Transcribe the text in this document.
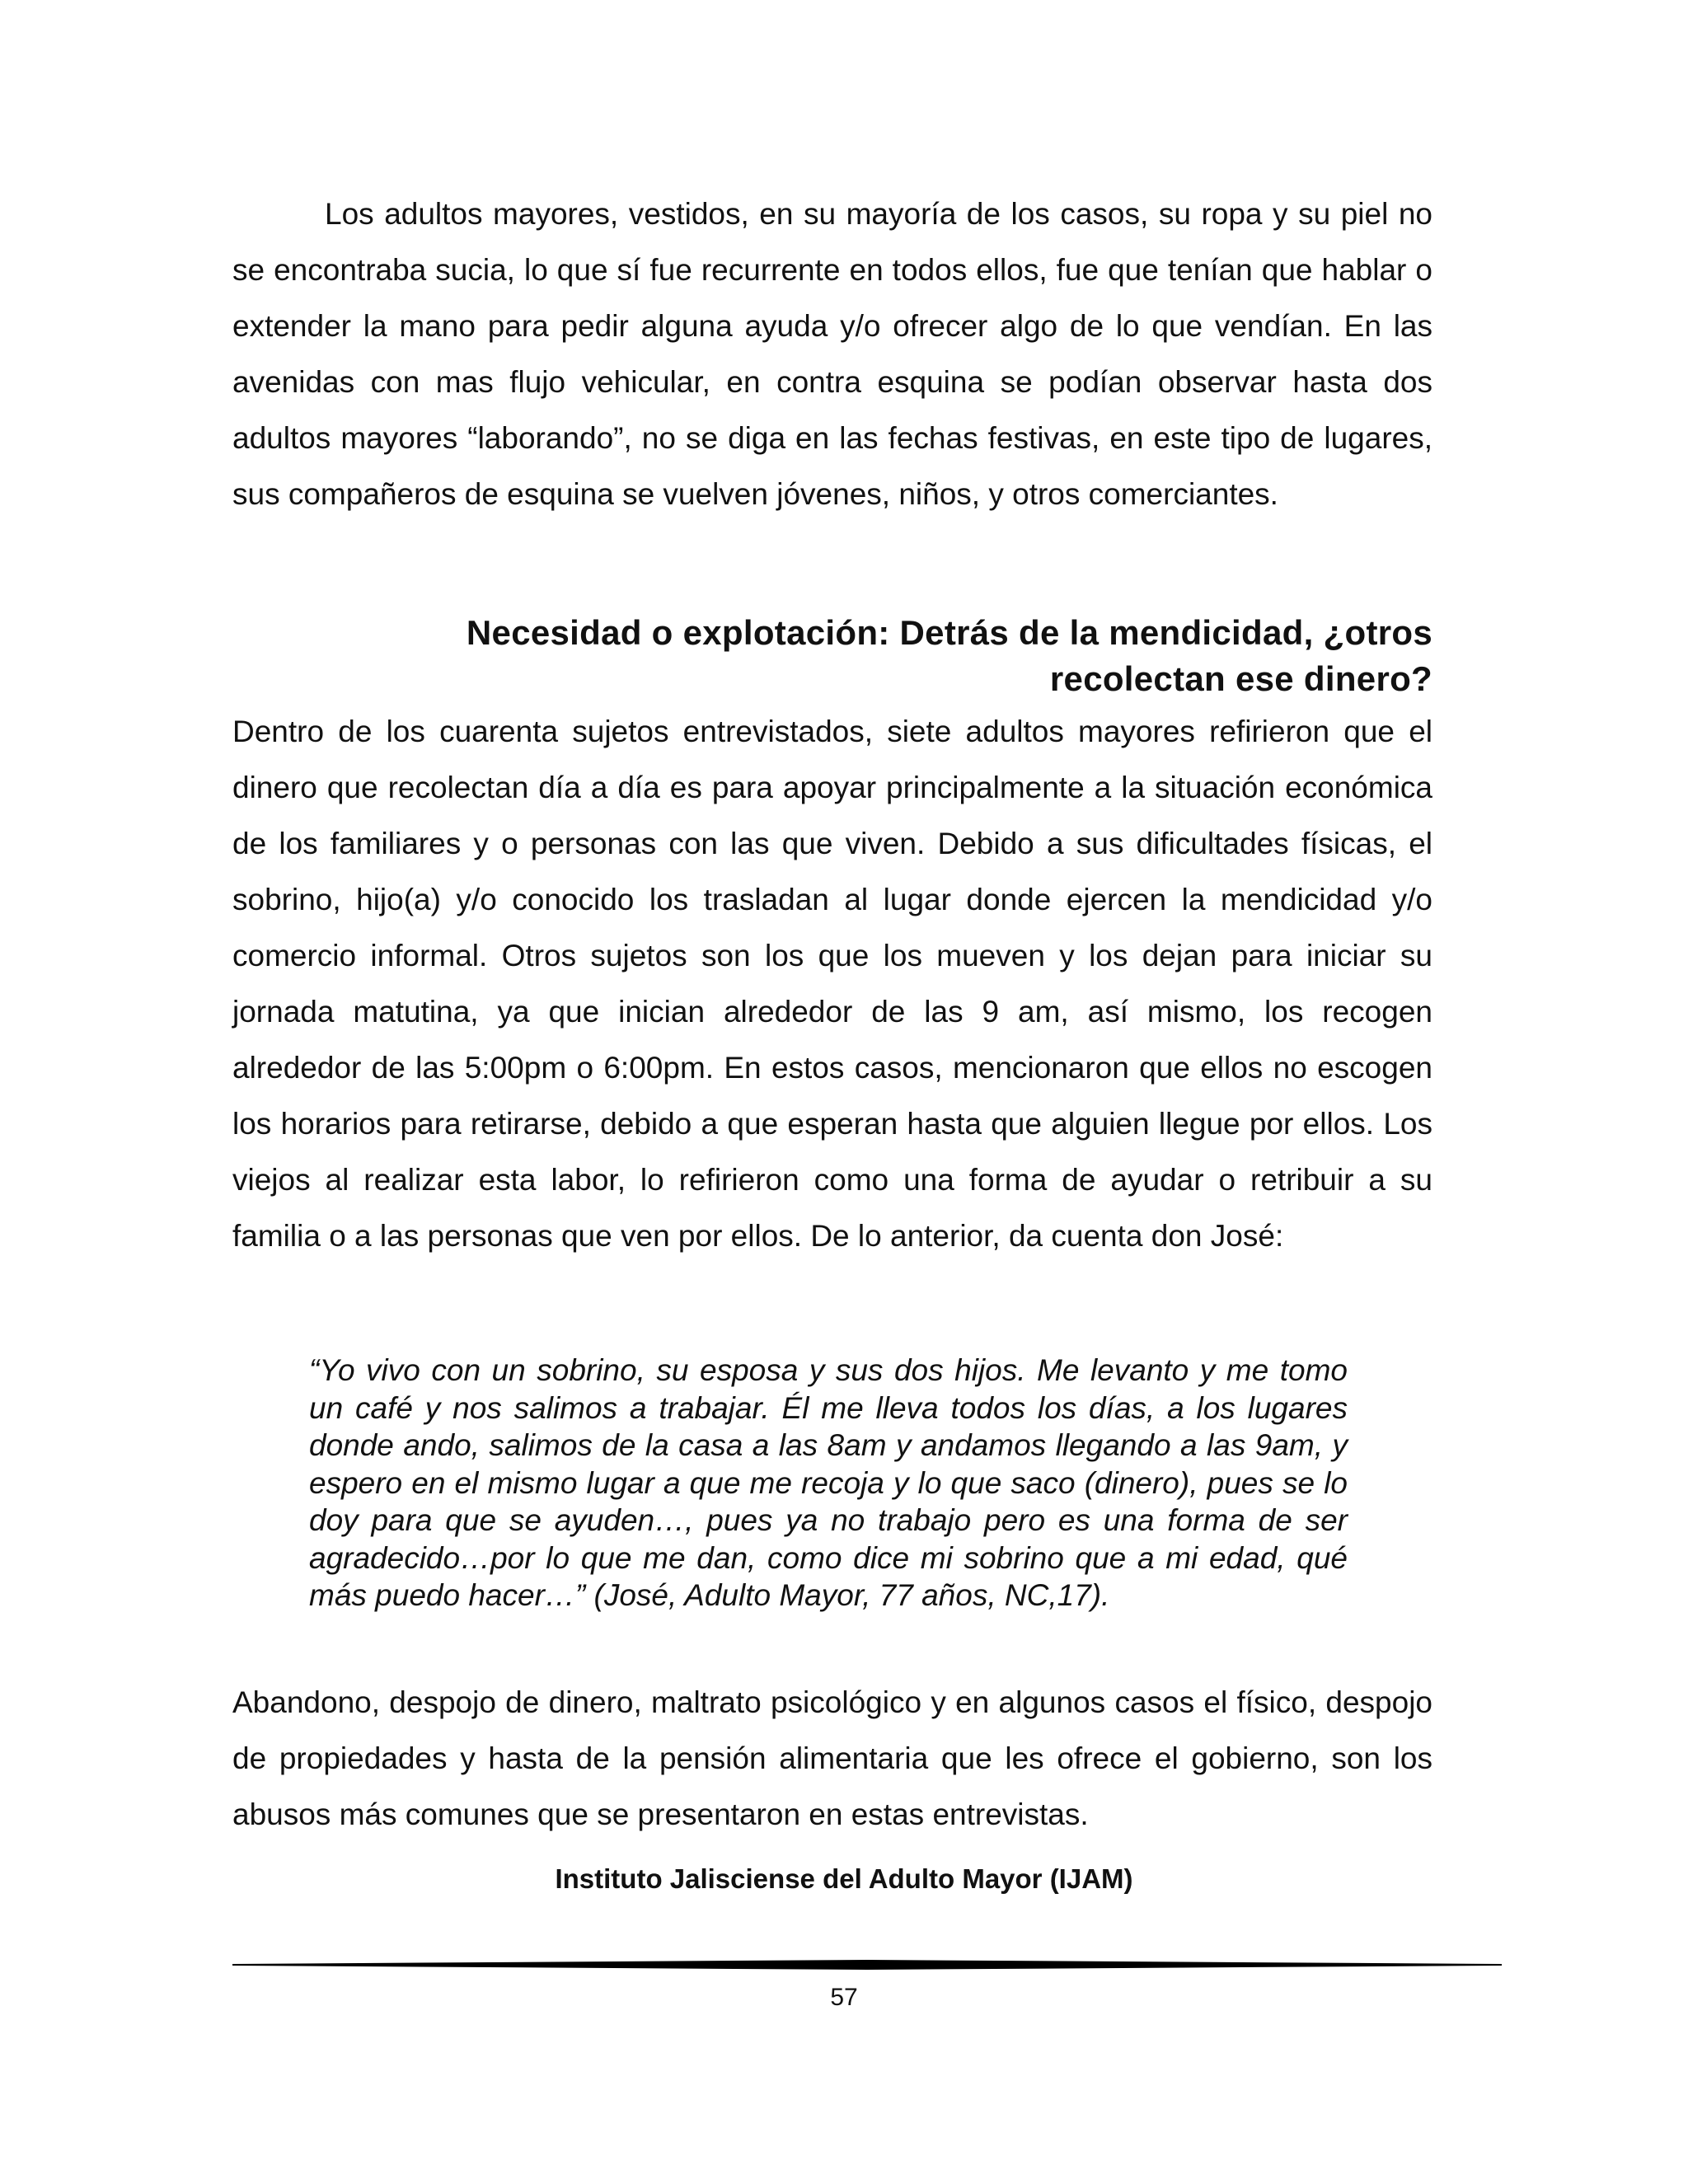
Los adultos mayores, vestidos, en su mayoría de los casos, su ropa y su piel no se encontraba sucia, lo que sí fue recurrente en todos ellos, fue que tenían que hablar o extender la mano para pedir alguna ayuda y/o ofrecer algo de lo que vendían. En las avenidas con mas flujo vehicular, en contra esquina se podían observar hasta dos adultos mayores “laborando”, no se diga en las fechas festivas, en este tipo de lugares, sus compañeros de esquina se vuelven jóvenes, niños, y otros comerciantes.

Necesidad o explotación: Detrás de la mendicidad, ¿otros
recolectan ese dinero?

Dentro de los cuarenta sujetos entrevistados, siete adultos mayores refirieron que el dinero que recolectan día a día es para apoyar principalmente a la situación económica de los familiares y o personas con las que viven. Debido a sus dificultades físicas, el sobrino, hijo(a) y/o conocido los trasladan al lugar donde ejercen la mendicidad y/o comercio informal. Otros sujetos son los que los mueven y los dejan para iniciar su jornada matutina, ya que inician alrededor de las 9 am, así mismo, los recogen alrededor de las 5:00pm o 6:00pm. En estos casos, mencionaron que ellos no escogen los horarios para retirarse, debido a que esperan hasta que alguien llegue por ellos. Los viejos al realizar esta labor, lo refirieron como una forma de ayudar o retribuir a su familia o a las personas que ven por ellos. De lo anterior, da cuenta don José:

“Yo vivo con un sobrino, su esposa y sus dos hijos. Me levanto y me tomo un café y nos salimos a trabajar. Él me lleva todos los días, a los lugares donde ando, salimos de la casa a las 8am y andamos llegando a las 9am, y espero en el mismo lugar a que me recoja y lo que saco (dinero), pues se lo doy para que se ayuden…, pues ya no trabajo pero es una forma de ser agradecido…por lo que me dan, como dice mi sobrino que a mi edad, qué más puedo hacer…” (José, Adulto Mayor, 77 años, NC,17).

Abandono, despojo de dinero, maltrato psicológico y en algunos casos el físico, despojo de propiedades y hasta de la pensión alimentaria que les ofrece el gobierno, son los abusos más comunes que se presentaron en estas entrevistas.

Instituto Jalisciense del Adulto Mayor (IJAM)

57
